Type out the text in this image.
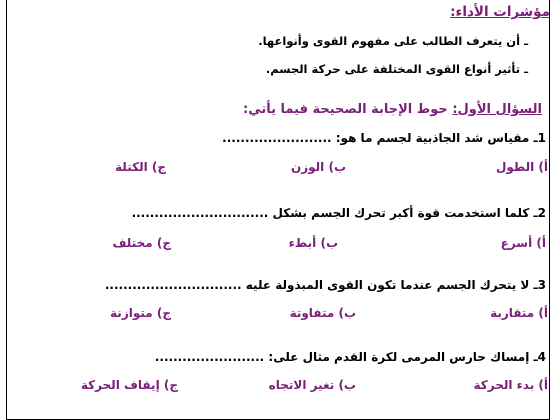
مؤشرات الأداء:
ـ أن يتعرف الطالب على مفهوم القوى وأنواعها.
ـ تأثير أنواع القوى المختلفة على حركة الجسم.
السؤال الأول: حوط الإجابة الصحيحة فيما يأتي:
1ـ مقياس شد الجاذبية لجسم ما هو: ........................
أ) الطول
ب) الوزن
ج) الكتلة
2ـ كلما استخدمت قوة أكبر تحرك الجسم بشكل ..............................
أ) أسرع
ب) أبطء
ج) مختلف
3ـ لا يتحرك الجسم عندما تكون القوى المبذولة عليه ..............................
أ) متقاربة
ب) متفاوتة
ج) متوازنة
4ـ إمساك حارس المرمى لكرة القدم مثال على: ........................
أ) بدء الحركة
ب) تغير الاتجاه
ج) إيقاف الحركة
